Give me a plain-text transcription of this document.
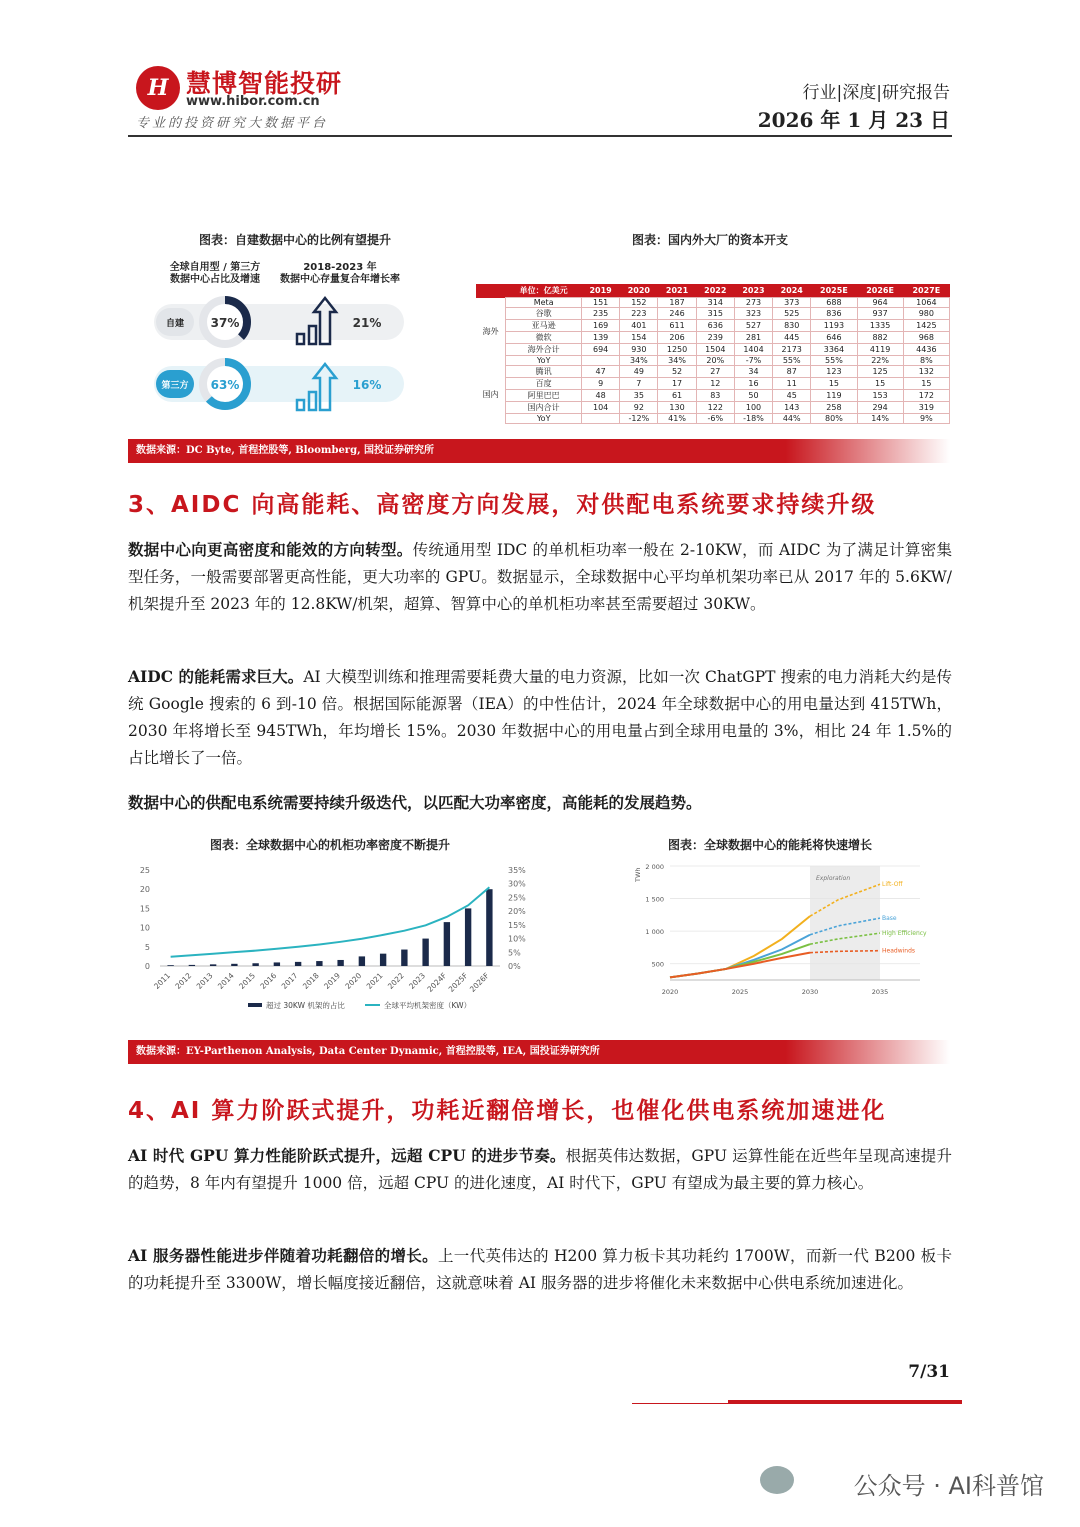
H 慧博智能投研
www.hibor.com.cn
专业的投资研究大数据平台
行业|深度|研究报告
2026 年 1 月 23 日
图表：自建数据中心的比例有望提升
全球自用型 / 第三方
数据中心占比及增速
2018-2023 年
数据中心存量复合年增长率
自建
第三方
37%
63%
21%
16%
图表：国内外大厂的资本开支
	单位：亿美元	2019	2020	2021	2022	2023	2024	2025E	2026E	2027E
海外	Meta	151	152	187	314	273	373	688	964	1064
	谷歌	235	223	246	315	323	525	836	937	980
	亚马逊	169	401	611	636	527	830	1193	1335	1425
	微软	139	154	206	239	281	445	646	882	968
	海外合计	694	930	1250	1504	1404	2173	3364	4119	4436
	YoY		34%	34%	20%	-7%	55%	55%	22%	8%
国内	腾讯	47	49	52	27	34	87	123	125	132
	百度	9	7	17	12	16	11	15	15	15
	阿里巴巴	48	35	61	83	50	45	119	153	172
	国内合计	104	92	130	122	100	143	258	294	319
	YoY		-12%	41%	-6%	-18%	44%	80%	14%	9%
数据来源：DC Byte, 首程控股等, Bloomberg, 国投证券研究所
3、AIDC 向高能耗、高密度方向发展，对供配电系统要求持续升级
数据中心向更高密度和能效的方向转型。传统通用型 IDC 的单机柜功率一般在 2-10KW，而 AIDC 为了满足计算密集型任务，一般需要部署更高性能，更大功率的 GPU。数据显示，全球数据中心平均单机架功率已从 2017 年的 5.6KW/机架提升至 2023 年的 12.8KW/机架，超算、智算中心的单机柜功率甚至需要超过 30KW。
AIDC 的能耗需求巨大。AI 大模型训练和推理需要耗费大量的电力资源，比如一次 ChatGPT 搜索的电力消耗大约是传统 Google 搜索的 6 到-10 倍。根据国际能源署（IEA）的中性估计，2024 年全球数据中心的用电量达到 415TWh，2030 年将增长至 945TWh，年均增长 15%。2030 年数据中心的用电量占到全球用电量的 3%，相比 24 年 1.5%的占比增长了一倍。
数据中心的供配电系统需要持续升级迭代，以匹配大功率密度，高能耗的发展趋势。
图表：全球数据中心的机柜功率密度不断提升
0
5
10
15
20
25
0%
5%
10%
15%
20%
25%
30%
35%
2011 2012 2013 2014 2015 2016 2017 2018 2019 2020 2021 2022 2023
2024F
2025F
2026F
超过 30KW 机架的占比	全球平均机架密度（KW）
图表：全球数据中心的能耗将快速增长
Exploration
500
1 000
1 500
2 000
TWh
2020	2025	2030	2035
Lift-Off
Base
High Efficiency
Headwinds
数据来源：EY-Parthenon Analysis, Data Center Dynamic, 首程控股等, IEA, 国投证券研究所
4、AI 算力阶跃式提升，功耗近翻倍增长，也催化供电系统加速进化
AI 时代 GPU 算力性能阶跃式提升，远超 CPU 的进步节奏。根据英伟达数据，GPU 运算性能在近些年呈现高速提升的趋势，8 年内有望提升 1000 倍，远超 CPU 的进化速度，AI 时代下，GPU 有望成为最主要的算力核心。
AI 服务器性能进步伴随着功耗翻倍的增长。上一代英伟达的 H200 算力板卡其功耗约 1700W，而新一代 B200 板卡的功耗提升至 3300W，增长幅度接近翻倍，这就意味着 AI 服务器的进步将催化未来数据中心供电系统加速进化。
7/31
公众号 · AI科普馆
